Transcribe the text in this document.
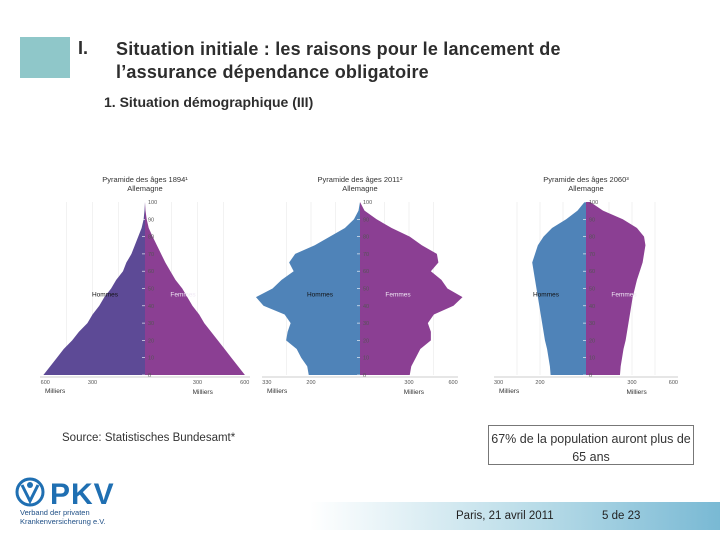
I. Situation initiale : les raisons pour le lancement de
l’assurance dépendance obligatoire
1. Situation démographique (III)
Pyramide des âges 1894¹
Allemagne
0
10
20
30
40
50
60
70
80
90
100
Hommes	Femmes
600	300	300	600
Milliers	Milliers
Pyramide des âges 2011²
Allemagne
0
10
20
30
40
50
60
70
80
90
100
Hommes	Femmes
330	200	300	600
Milliers	Milliers
Pyramide des âges 2060³
Allemagne
0
10
20
30
40
50
60
70
80
90
100
Hommes	Femmes
300	200	300	600
Milliers	Milliers
Source: Statistisches Bundesamt*	67% de la population auront plus de 65 ans
PKV
Verband der privaten Krankenversicherung e.V.	Paris, 21 avril 2011	5 de 23
